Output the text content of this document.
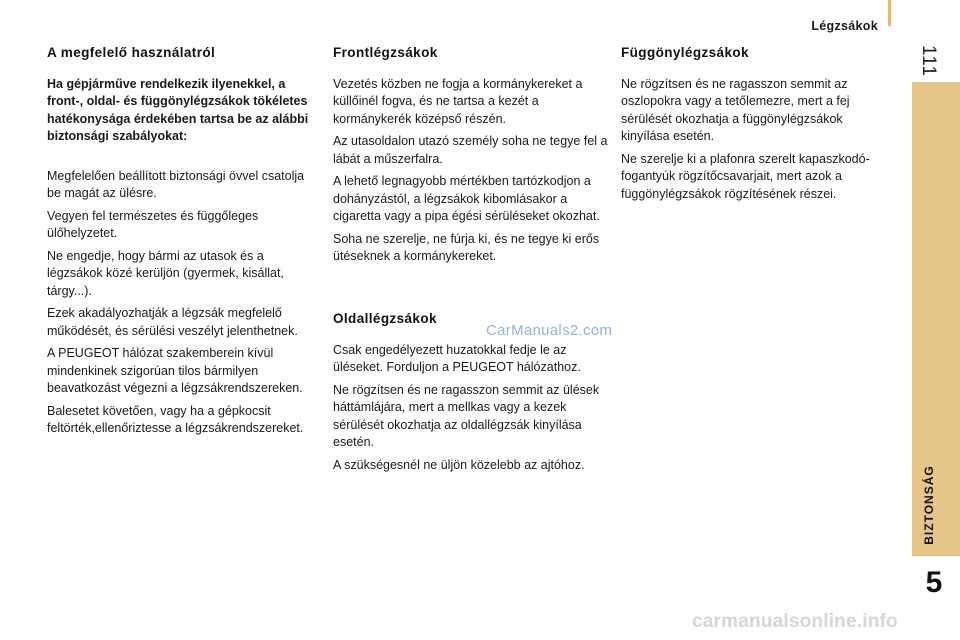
Légzsákok
111
BIZTONSÁG
5
A megfelelő használatról

Ha gépjárműve rendelkezik ilyenekkel, a front-, oldal- és függönylégzsákok tökéletes hatékonysága érdekében tartsa be az alábbi biztonsági szabályokat:

Megfelelően beállított biztonsági övvel csatolja be magát az ülésre.

Vegyen fel természetes és függőleges ülőhelyzetet.

Ne engedje, hogy bármi az utasok és a légzsákok közé kerüljön (gyermek, kisállat, tárgy...).

Ezek akadályozhatják a légzsák megfelelő működését, és sérülési veszélyt jelenthetnek.

A PEUGEOT hálózat szakemberein kívül mindenkinek szigorúan tilos bármilyen beavatkozást végezni a légzsákrendszereken.

Balesetet követően, vagy ha a gépkocsit feltörték,ellenőriztesse a légzsákrendszereket.

Frontlégzsákok

Vezetés közben ne fogja a kormánykereket a küllőinél fogva, és ne tartsa a kezét a kormánykerék középső részén.

Az utasoldalon utazó személy soha ne tegye fel a lábát a műszerfalra.

A lehető legnagyobb mértékben tartózkodjon a dohányzástól, a légzsákok kibomlásakor a cigaretta vagy a pipa égési sérüléseket okozhat.

Soha ne szerelje, ne fúrja ki, és ne tegye ki erős ütéseknek a kormánykereket.

Oldallégzsákok

Csak engedélyezett huzatokkal fedje le az üléseket. Forduljon a PEUGEOT hálózathoz.

Ne rögzítsen és ne ragasszon semmit az ülések háttámlájára, mert a mellkas vagy a kezek sérülését okozhatja az oldallégzsák kinyílása esetén.

A szükségesnél ne üljön közelebb az ajtóhoz.

Függönylégzsákok

Ne rögzítsen és ne ragasszon semmit az oszlopokra vagy a tetőlemezre, mert a fej sérülését okozhatja a függönylégzsákok kinyílása esetén.

Ne szerelje ki a plafonra szerelt kapaszkodó-fogantyúk rögzítőcsavarjait, mert azok a függönylégzsákok rögzítésének részei.

CarManuals2.com
carmanualsonline.info
